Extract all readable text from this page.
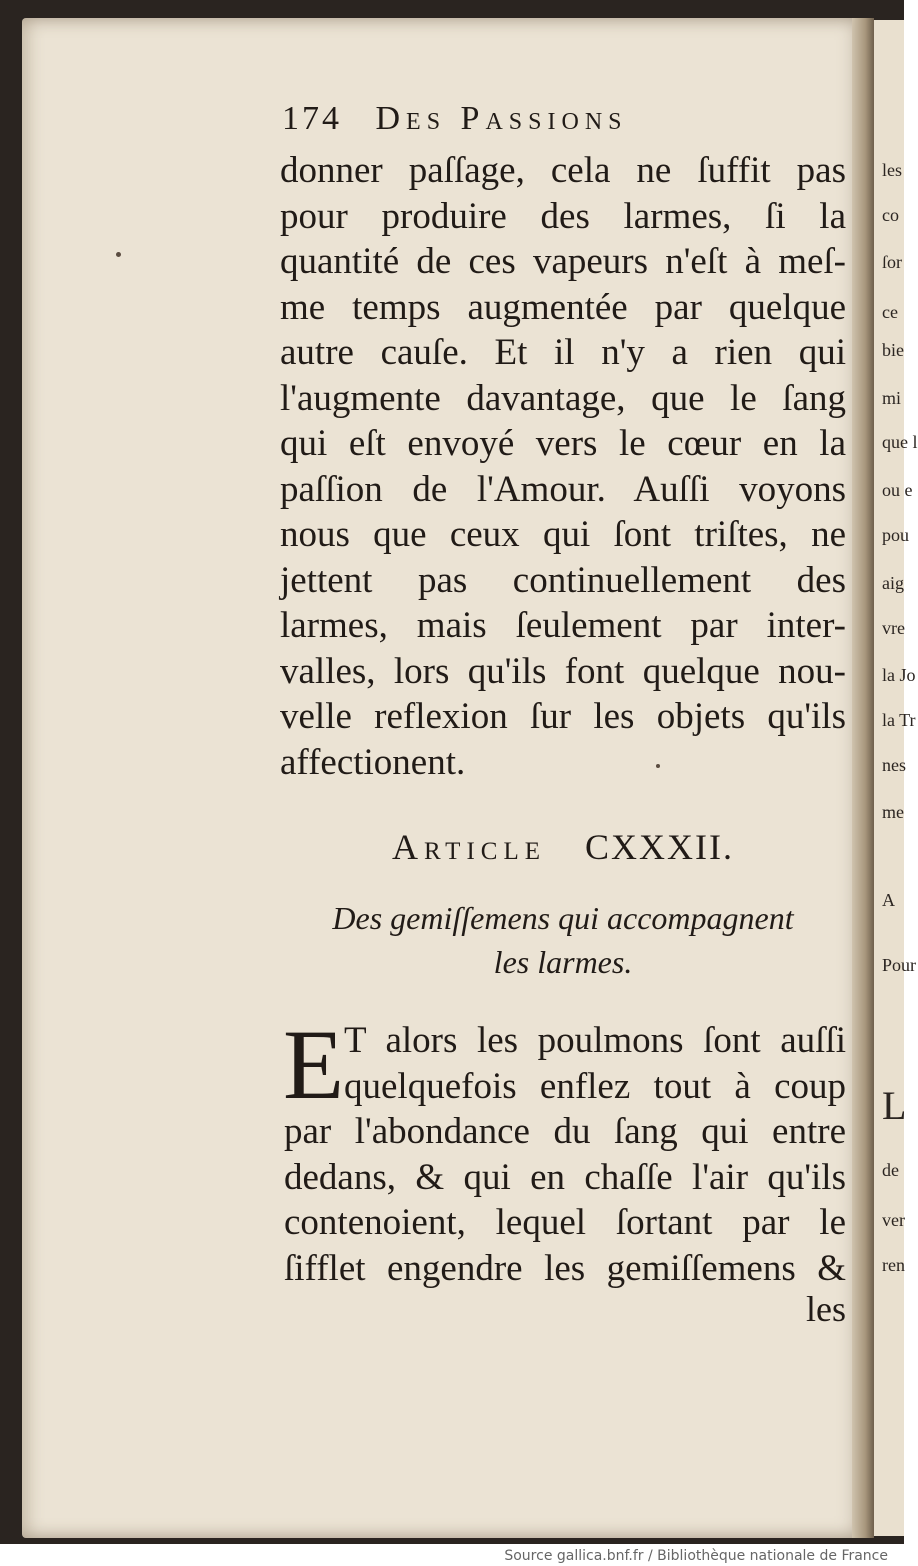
les
co
ſor
ce
bie
mi
que l
ou e
pou
aig
vre
la Jo
la Tr
nes
me
A
Pour
L
de
ver
ren
174 Des Passions
donner paſſage, cela ne ſuffit pas
pour produire des larmes, ſi la
quantité de ces vapeurs n'eſt à meſ-
me temps augmentée par quelque
autre cauſe. Et il n'y a rien qui
l'augmente davantage, que le ſang
qui eſt envoyé vers le cœur en la
paſſion de l'Amour. Auſſi voyons
nous que ceux qui ſont triſtes, ne
jettent pas continuellement des
larmes, mais ſeulement par inter-
valles, lors qu'ils font quelque nou-
velle reflexion ſur les objets qu'ils
affectionent.
Article CXXXII.
Des gemiſſemens qui accompagnent
les larmes.
E T alors les poulmons ſont auſſi
quelquefois enflez tout à coup
par l'abondance du ſang qui entre
dedans, & qui en chaſſe l'air qu'ils
contenoient, lequel ſortant par le
ſifflet engendre les gemiſſemens &
les
Source gallica.bnf.fr / Bibliothèque nationale de France
